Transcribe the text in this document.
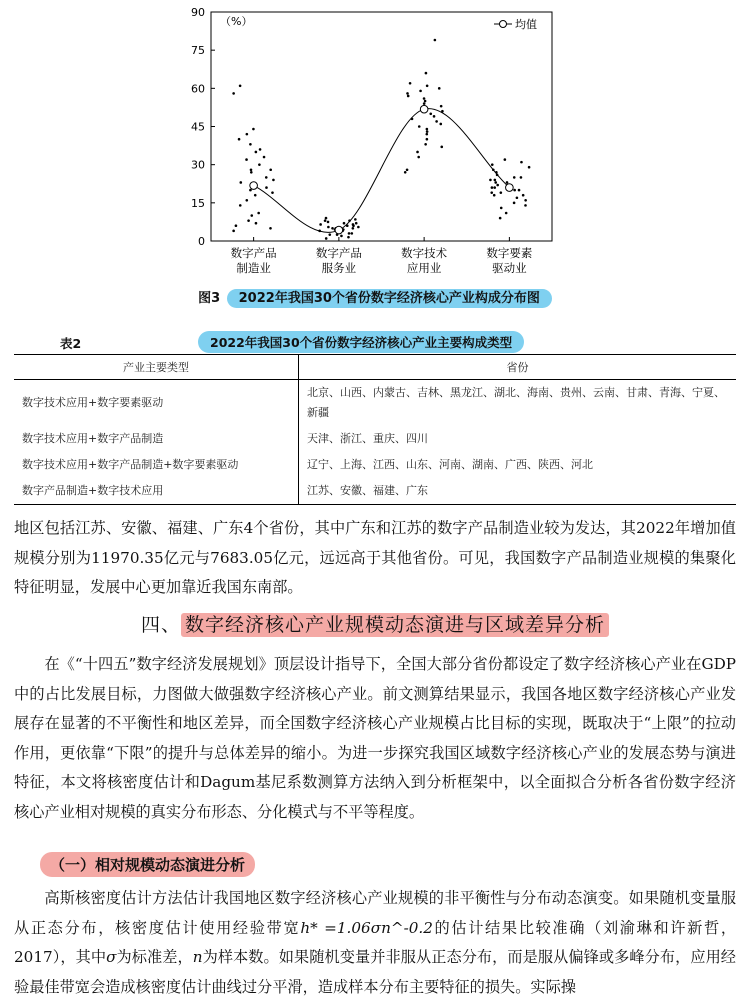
0
15
30
45
60
75
90
数字产品
制造业
数字产品
服务业
数字技术
应用业
数字要素
驱动业
（%）	均值
图3 2022年我国30个省份数字经济核心产业构成分布图
表2	2022年我国30个省份数字经济核心产业主要构成类型
产业主要类型	省份
数字技术应用+数字要素驱动	北京、山西、内蒙古、吉林、黑龙江、湖北、海南、贵州、云南、甘肃、青海、宁夏、新疆
数字技术应用+数字产品制造	天津、浙江、重庆、四川
数字技术应用+数字产品制造+数字要素驱动	辽宁、上海、江西、山东、河南、湖南、广西、陕西、河北
数字产品制造+数字技术应用	江苏、安徽、福建、广东

地区包括江苏、安徽、福建、广东4个省份，其中广东和江苏的数字产品制造业较为发达，其2022年增加值规模分别为11970.35亿元与7683.05亿元，远远高于其他省份。可见，我国数字产品制造业规模的集聚化特征明显，发展中心更加靠近我国东南部。

四、 数字经济核心产业规模动态演进与区域差异分析

在《“十四五”数字经济发展规划》顶层设计指导下，全国大部分省份都设定了数字经济核心产业在GDP中的占比发展目标，力图做大做强数字经济核心产业。前文测算结果显示，我国各地区数字经济核心产业发展存在显著的不平衡性和地区差异，而全国数字经济核心产业规模占比目标的实现，既取决于“上限”的拉动作用，更依靠“下限”的提升与总体差异的缩小。为进一步探究我国区域数字经济核心产业的发展态势与演进特征，本文将核密度估计和Dagum基尼系数测算方法纳入到分析框架中，以全面拟合分析各省份数字经济核心产业相对规模的真实分布形态、分化模式与不平等程度。

（一）相对规模动态演进分析

高斯核密度估计方法估计我国地区数字经济核心产业规模的非平衡性与分布动态演变。如果随机变量服从正态分布，核密度估计使用经验带宽h* =1.06σn^-0.2的估计结果比较准确（刘渝琳和许新哲，2017），其中σ为标准差，n为样本数。如果随机变量并非服从正态分布，而是服从偏锋或多峰分布，应用经验最佳带宽会造成核密度估计曲线过分平滑，造成样本分布主要特征的损失。实际操
